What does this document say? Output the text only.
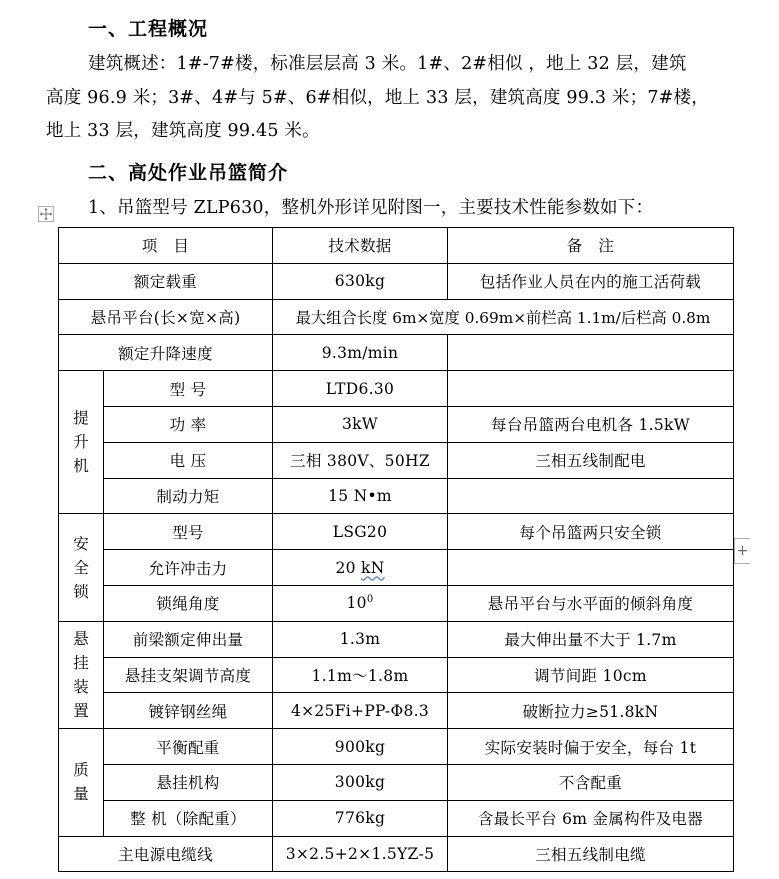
一、工程概况
建筑概述：1#-7#楼，标准层层高 3 米。1#、2#相似 ，地上 32 层，建筑
高度 96.9 米；3#、4#与 5#、6#相似，地上 33 层，建筑高度 99.3 米；7#楼，
地上 33 层，建筑高度 99.45 米。
二、高处作业吊篮简介
1、吊篮型号 ZLP630，整机外形详见附图一，主要技术性能参数如下：
+
项　目		技术数据	备　注
额定载重		630kg	包括作业人员在内的施工活荷载
悬吊平台(长×宽×高)		最大组合长度 6m×宽度 0.69m×前栏高 1.1m/后栏高 0.8m	
额定升降速度		9.3m/min	
提升机	型 号	LTD6.30	
	功 率	3kW	每台吊篮两台电机各 1.5kW
	电 压	三相 380V、50HZ	三相五线制配电
	制动力矩	15 N•m	
安全锁	型号	LSG20	每个吊篮两只安全锁
	允许冲击力	20 kN	
	锁绳角度	$10^0$	悬吊平台与水平面的倾斜角度
悬挂装置	前梁额定伸出量	1.3m	最大伸出量不大于 1.7m
	悬挂支架调节高度	1.1m～1.8m	调节间距 10cm
	镀锌钢丝绳	4×25Fi+PP-Φ8.3	破断拉力≥51.8kN
质量	平衡配重	900kg	实际安装时偏于安全，每台 1t
	悬挂机构	300kg	不含配重
	整 机（除配重）	776kg	含最长平台 6m 金属构件及电器
主电源电缆线		3×2.5+2×1.5YZ-5	三相五线制电缆
